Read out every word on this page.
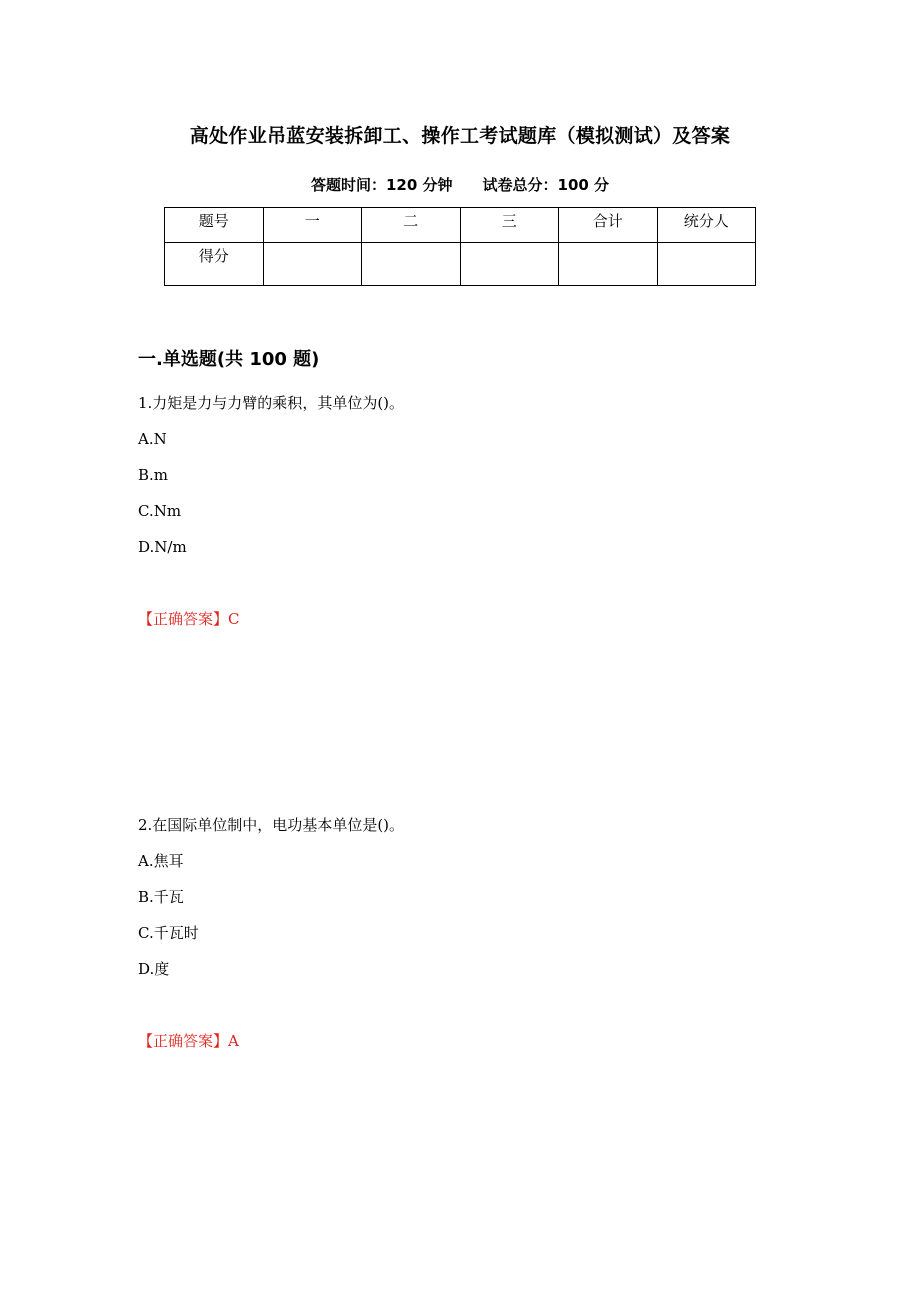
高处作业吊蓝安装拆卸工、操作工考试题库（模拟测试）及答案
答题时间：120 分钟 试卷总分：100 分
题号	一	二	三	合计	统分人
得分					
一.单选题(共 100 题)
1.力矩是力与力臂的乘积，其单位为()。
A.N
B.m
C.Nm
D.N/m
【正确答案】C
2.在国际单位制中，电功基本单位是()。
A.焦耳
B.千瓦
C.千瓦时
D.度
【正确答案】A
